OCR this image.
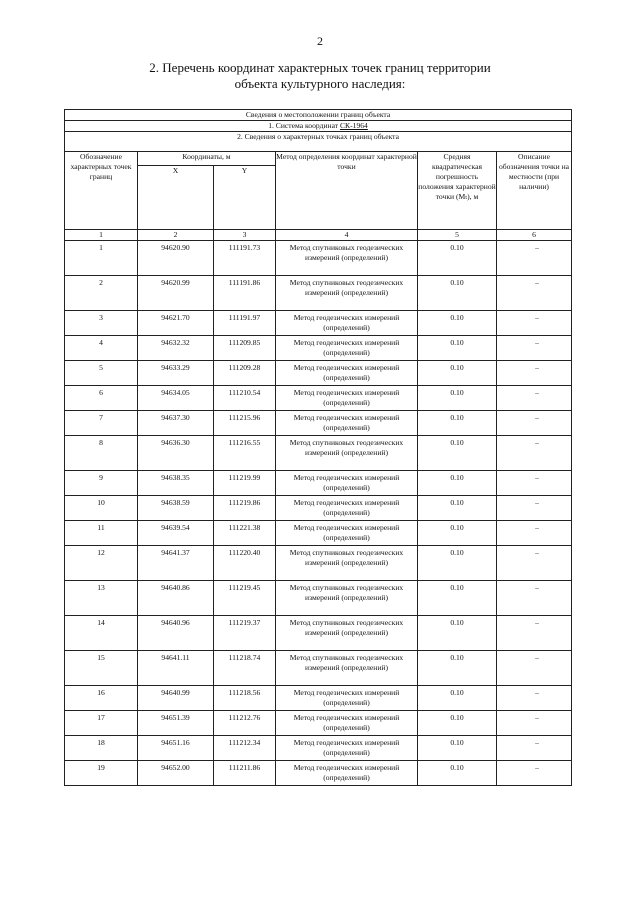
2
2. Перечень координат характерных точек границ территории
объекта культурного наследия:
Сведения о местоположении границ объекта					
1. Система координат СК-1964					
2. Сведения о характерных точках границ объекта					
Обозначение характерных точек границ	Координаты, м		Метод определения координат характерной точки	Средняя квадратическая погрешность положения характерной точки (Mₜ), м	Описание обозначения точки на местности (при наличии)
	X	Y			
1	2	3	4	5	6
1	94620.90	111191.73	Метод спутниковых геодезических измерений (определений)	0.10	–
2	94620.99	111191.86	Метод спутниковых геодезических измерений (определений)	0.10	–
3	94621.70	111191.97	Метод геодезических измерений (определений)	0.10	–
4	94632.32	111209.85	Метод геодезических измерений (определений)	0.10	–
5	94633.29	111209.28	Метод геодезических измерений (определений)	0.10	–
6	94634.05	111210.54	Метод геодезических измерений (определений)	0.10	–
7	94637.30	111215.96	Метод геодезических измерений (определений)	0.10	–
8	94636.30	111216.55	Метод спутниковых геодезических измерений (определений)	0.10	–
9	94638.35	111219.99	Метод геодезических измерений (определений)	0.10	–
10	94638.59	111219.86	Метод геодезических измерений (определений)	0.10	–
11	94639.54	111221.38	Метод геодезических измерений (определений)	0.10	–
12	94641.37	111220.40	Метод спутниковых геодезических измерений (определений)	0.10	–
13	94640.86	111219.45	Метод спутниковых геодезических измерений (определений)	0.10	–
14	94640.96	111219.37	Метод спутниковых геодезических измерений (определений)	0.10	–
15	94641.11	111218.74	Метод спутниковых геодезических измерений (определений)	0.10	–
16	94640.99	111218.56	Метод геодезических измерений (определений)	0.10	–
17	94651.39	111212.76	Метод геодезических измерений (определений)	0.10	–
18	94651.16	111212.34	Метод геодезических измерений (определений)	0.10	–
19	94652.00	111211.86	Метод геодезических измерений (определений)	0.10	–
